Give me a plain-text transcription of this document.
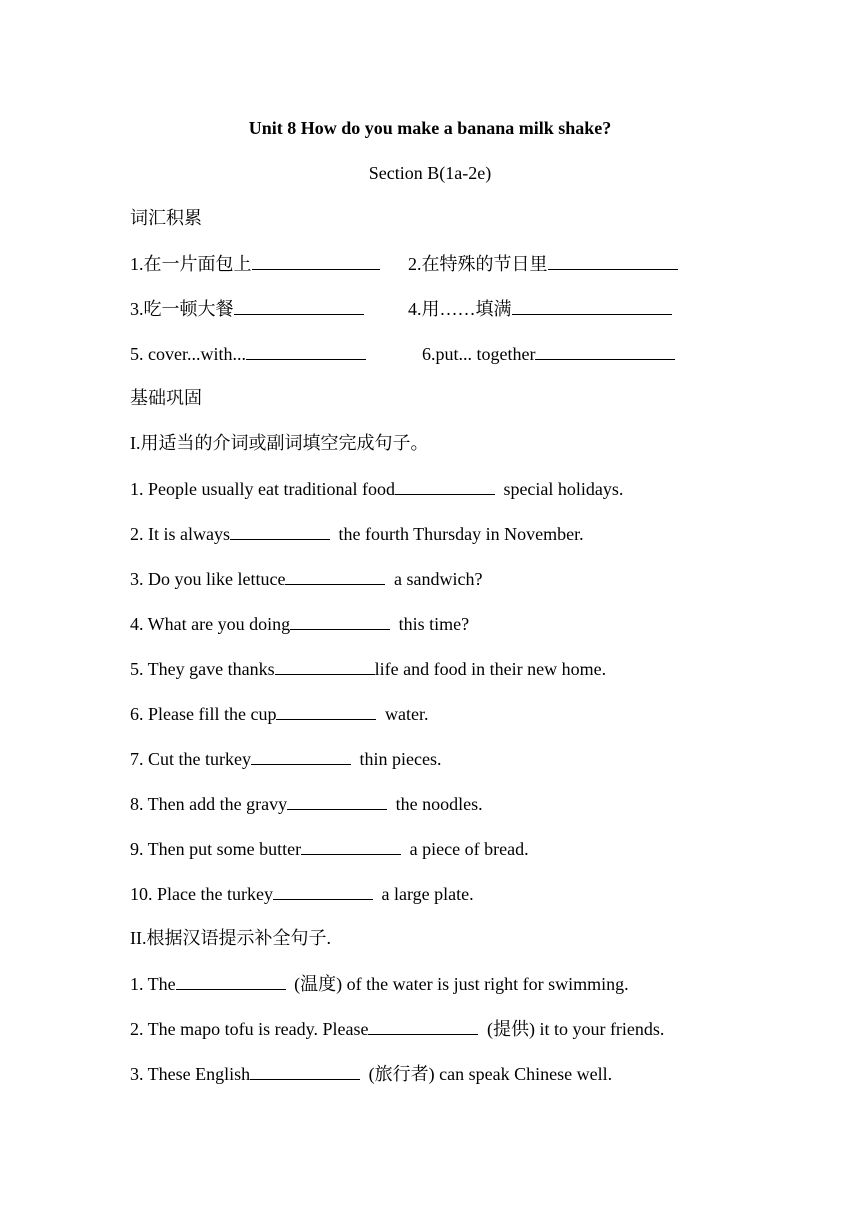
Unit 8 How do you make a banana milk shake?
Section B(1a-2e)
词汇积累
1.在一片面包上	2.在特殊的节日里
3.吃一顿大餐	4.用……填满
5. cover...with...	6.put... together
基础巩固
I.用适当的介词或副词填空完成句子。
1. People usually eat traditional food	special holidays.
2. It is always	the fourth Thursday in November.
3. Do you like lettuce	a sandwich?
4. What are you doing	this time?
5. They gave thanks	life and food in their new home.
6. Please fill the cup	water.
7. Cut the turkey	thin pieces.
8. Then add the gravy	the noodles.
9. Then put some butter	a piece of bread.
10. Place the turkey	a large plate.
II.根据汉语提示补全句子.
1. The	(温度) of the water is just right for swimming.
2. The mapo tofu is ready. Please	(提供) it to your friends.
3. These English	(旅行者) can speak Chinese well.
